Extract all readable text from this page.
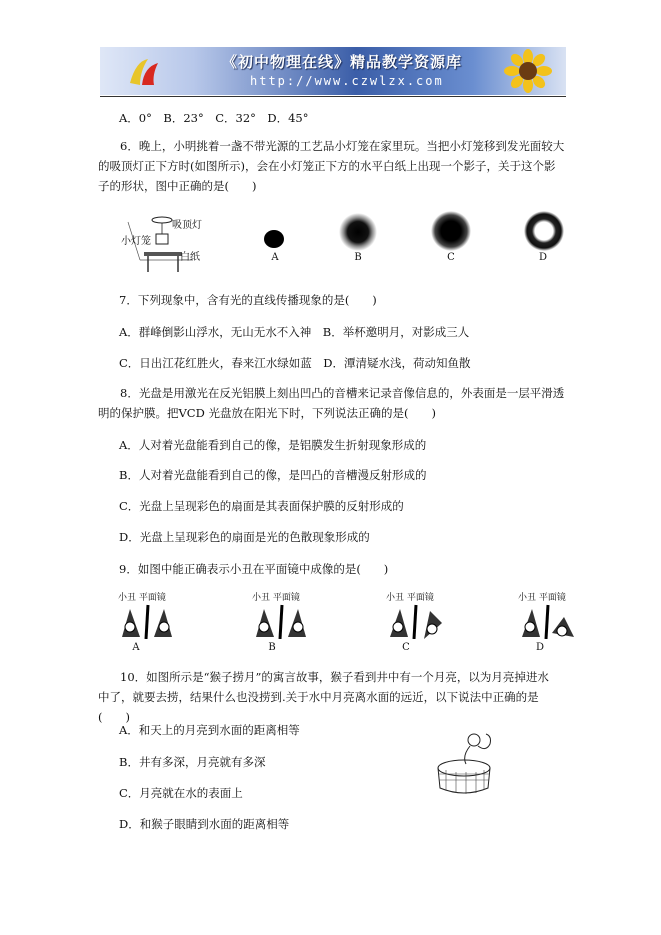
《初中物理在线》精品教学资源库
http://www.czwlzx.com
A．0°　B．23°　C．32°　D．45°

6．晚上，小明挑着一盏不带光源的工艺品小灯笼在家里玩。当把小灯笼移到发光面较大

的吸顶灯正下方时(如图所示)，会在小灯笼正下方的水平白纸上出现一个影子，关于这个影

子的形状，图中正确的是(　　)

吸顶灯
小灯笼
白纸	A	B	C	D
7．下列现象中，含有光的直线传播现象的是(　　)
A．群峰倒影山浮水，无山无水不入神　B．举杯邀明月，对影成三人
C．日出江花红胜火，春来江水绿如蓝　D．潭清疑水浅，荷动知鱼散

8．光盘是用激光在反光铝膜上刻出凹凸的音槽来记录音像信息的，外表面是一层平滑透

明的保护膜。把VCD 光盘放在阳光下时，下列说法正确的是(　　)

A．人对着光盘能看到自己的像，是铝膜发生折射现象形成的
B．人对着光盘能看到自己的像，是凹凸的音槽漫反射形成的
C．光盘上呈现彩色的扇面是其表面保护膜的反射形成的
D．光盘上呈现彩色的扇面是光的色散现象形成的
9．如图中能正确表示小丑在平面镜中成像的是(　　)
小丑 平面镜	小丑 平面镜	小丑 平面镜	小丑 平面镜
A	B	C	D

10．如图所示是“猴子捞月”的寓言故事，猴子看到井中有一个月亮，以为月亮掉进水

中了，就要去捞，结果什么也没捞到.关于水中月亮离水面的远近，以下说法中正确的是(　　)

A．和天上的月亮到水面的距离相等
B．井有多深，月亮就有多深
C．月亮就在水的表面上
D．和猴子眼睛到水面的距离相等
